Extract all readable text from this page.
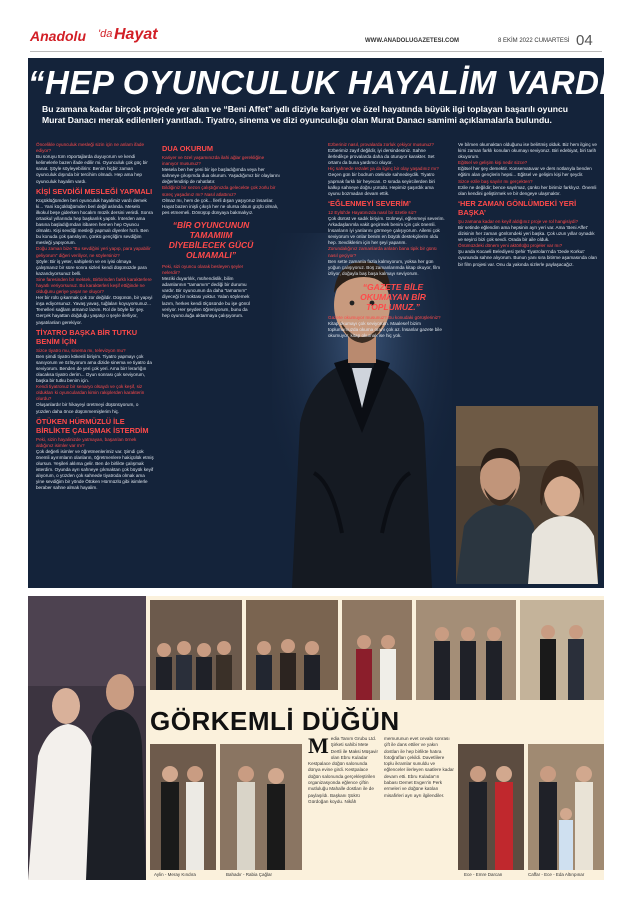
Anadolu 'da Hayat	WWW.ANADOLUGAZETESI.COM	8 EKİM 2022 CUMARTESİ 04
“HEP OYUNCULUK HAYALİM VARDI”
Bu zamana kadar birçok projede yer alan ve “Beni Affet” adlı diziyle kariyer ve özel hayatında büyük ilgi toplayan başarılı oyuncu Murat Danacı merak edilenleri yanıtladı. Tiyatro, sinema ve dizi oyunculuğu olan Murat Danacı samimi açıklamalarla bulundu.
Öncelikle oyunculuk mesleği sizin için ne anlam ifade ediyor?
Bu soruyu tüm röportajlarda duyuyorum ve kendi kelimelerle bazen ifade edilir mi. Oyunculuk çok güç bir sanat. Şöyle söyleyebilirim: Benim hiçbir zaman oyunculuk dışında bir tercihim olmadı. Hep ama hep oyunculuk hayalim vardı.
KİŞİ SEVDİĞİ MESLEĞİ YAPMALI
Küçüklüğümden beri oyunculuk hayalimiz vardı demek ki... Yani küçüklüğümden beri değil aslında. Meselo ilkokul beşe giderken hocalım müzik dersini verirdi. Sonra ortaokul yıllarında hep başkanlık yaptık. İnterden ama basına başladığımdan itibaren hemen hep Oyuncu olmaktı. Kişi sevdiği mesleği yapmalı diyenler hızlı. Ben bu konuda çok şanslıyım, çünkü gençliğim sevdiğim mesleği yapıyorum.
Doğu zaman bize “Bu sevdiğini yeri yapıp, para yapabilir geliyorum” diğeri veriliyor, ne söylersiniz?
Şöyle: Bir iş yeter, sahiplerin ve en iyisi olmaya çalışmanız bir süre sonra sizleri kendi düşünüzde para kazandıyorsunuz belli.
Sine faresinden bir mektek, Birbirinden farklı karakterlere hayatlı veriyorsunuz. Bu karakterleri keşif ettiğinde ne olduğunu geriye yaşar ne oluyor?
Her bir rolü çıkarmak çok zor değildir. Düşünün, bir yapıyi inşa ediyorsunuz. Yavaş yavaş, tuğlaları koyuyorsunuz... Temelleri sağlam atmanız lazım. Rol de böyle bir şey. Gerçek hayattan doğduğu yaşatıp o şeyle ilerliyor, yaşatılanları gerekiyor.
TİYATRO BAŞKA BİR TUTKU BENİM İÇİN
Sizce tiyatro mu, sinema mı, televizyon mu?
Ben şimdi tiyatro kökenli biriyim. Tiyatro yapmayı çok sanıyorum ve özlüyorum ama dizide sinema ve tiyatro da seviyorum. Benden de yeri çok yeri. Ama birr lerarlığın olacaksa tiyatro derim... Oyun sonrası çok seviyorum, başka bir tutku benim için.
Kendi tiyatronuz bir senaryo olsaydı ve çok keşif, siz oldukları ki oyunculardan kimin rakiplerden karakterin olurdu?
Oluşanlardır bir hikayeyi üretmeyi düşünüyorum, o yüzden daha önce düşünmemişlerim hiç.
ÖTÜKEN HÜRMÜZLÜ İLE BİRLİKTE ÇALIŞMAK İSTERDİM
Peki, sizin hayalinizde yatmayan, başarılan örnek aldığınız isimler var mı?
Çok değerli isimler ve öğretmenlerimiz var. Şimdi çok önemli ayırımların olanların, öğretmenlere hakiçülük etmiş olursun. Yeşileri aklıma gelir. Ben de birlikte çalışmak isterdim. Oyunda ayrı sahneye çıkmaktan çok büyük keyif alıyorum, o yüzden çok sahnede tiyatroda olmak ama yine sevdiğim bir yönde Ötüken Hürmüzlü gibi isimlerle beraber sahne almak hayalim.
DUA OKURUM
Kariyer ve özel yaşamınızda ilahi ağlar gerekliğine inanıyor musunuz?
Mesela ben her yeni bir işe başladığımda veya her sahneye çıkışımda dua okurum. Yaşadığımız bir olaylarını değerlendirip de rahatlatır.
Bildiğiniz bir sezon çalıştığınızda gelecekte çok zorlu bir süreç yaşadınız mı? Nasıl atlattınız?
Olmaz mı, hem de çok... İlerli dışarı yaşıyoruz insanlar. Hayat bazen inişli çıkışlı her ne olursa olsun güçlü olmalı, pes etmemeli. Dönüşüp dünyaya bakmalıyız.
“BİR OYUNCUNUN TAMAMIIM DİYEBİLECEK GÜCÜ OLMAMALI”
Peki, sizi oyuncu olarak besleyen şeyler nelerdir?
Meziki duyarlılık, mühendislik, bilim adamlarının “tamamım” dediği bir durumu vardır. Bir oyuncunun da daha “tamamım” diyeceği bir noktası yoktur. Yalan söylemek lazım, herkes kendi ölçüsünde bu işe gönül veriyor. Her şeyden öğreniyorum, bunu da hep oyunculuğa aktarmaya çalışıyorum.
Ezberiniz nasıl, provalarda zorluk çekiyor musunuz?
Ezberimiz zayıf değildir, iyi dersindesiniz. Sahne ilerledikçe provalarda daha da oturuyor karakter. Set ortamı da buna yardımcı oluyor.
Hiç sahnede rezalet ya da ilginç bir olay yaşadınız mı?
Geçen gün bir bodrum otelinde sahnedeydik. Tiyatro yapmak farklı bir heyecan. O sırada seyircilerden biri kalkıp sahneye doğru yürüdü. Hepimiz şaşırdık ama oyunu bozmadan devam ettik.
‘EĞLENMEYİ SEVERİM’
12 Eylül'de Hayatınızda nasıl bir özetle siz?
Çok dürüst ve sadık biriyim. Gülmeyi, eğlenmeyi severim. Arkadaşlarımla vakit geçirmek benim için çok önemli. İnsanların iyi yanlarını görmeye çalışıyorum. Ailemi çok seviyorum ve onlar benim en büyük destekçilerim oldu hep. Sevdiklerim için her şeyi yaparım.
Zorundalığınız zamanlarda anlatın bana tipik bir günü nasıl geçiyor?
Ben sette zamanla fazla kalmıyorum, yoksa her gün yoğun çalışıyoruz. Boş zamanlarımda kitap okuyor, film izliyor, doğayla baş başa kalmayı seviyorum.
“GAZETE BİLE OKUMAYAN BİR TOPLUMUZ.”
Gazete okumuyor musunuz? Bu konudaki görüşleriniz?
Kitap okumayı çok seviyorum. Maalesef bizim toplumumuzda okuma oranı çok az. İnsanlar gazete bile okumuyor, kitap okumak ise hiç yok.
Ve bilmen okumaktan olduğunu ise belirtmiş olduk. Biz hem ilginç ve kimi zaman farklı konuları okumayı seviyoruz. Biri edebiyat, biri tarih okuyorum.
Eğitsel ve gelişim kişi nedir sizce?
Eğitsel her şey demektir. Konservatuvar ve ders notlarıyla benden eğitim alan gençlerin hepsi... Eğitsel ve gelişim kişi her şeydir.
Sizce ezile baş sayılır mı gerçekten?
Ezile ne değildir; bence sayılmaz, çünkü her birimiz farklıyız. Önemli olan kendini geliştirmek ve bir dengeye ulaşmaktır.
‘HER ZAMAN GÖNLÜMDEKİ YERİ BAŞKA’
Şu zamana kadar en keyif aldığınız proje ve rol hangisiydi?
Bir setinde eğlendim ama hepsinin ayrı yeri var. Ama ‘Beni Affet’ dizisinin her zaman gönlümdeki yeri başka. Çok uzun yıllar oynadık ve seyirci bizi çok sevdi. Orada bir aile olduk.
Önümüzdeki dönem yeni aktörlüğü projeler var mı?
Şu anda Kocaeli Belediyesi Şehir Tiyatroları’nda ‘Dede Korkut’ oyununda sahne alıyorum. Bunun yanı sıra bitirme aşamasında olan bir film projesi var. Onu da yakında sizlerle paylaşacağız.
GÖRKEMLİ DÜĞÜN
Media Tanım Grubu Ltd. Şirketi sahibi Mete Dertli ile Maksi Müşavir olan Ebru Kuladar Kestpalace düğün salonunda dünya evine girdi. Kestpalace düğün salonunda gerçekleştirilen organizasyonda eğlence çiftin mutluluğu Mahalle dostları ile de paylaşıldı. Başkanı Şükrü Gürdoğan koydu. Nikâh memurunun evet cevabı sonrası çift ile dans ettiler ve yakın dostları ile hep birlikte hatıra fotoğrafları çekildi. Davetlilere toplu ikramlar sunuldu ve eğlenceler ilerleyen saatlere kadar devam etti. Ebru Kuladar'ın babası Demet Evgen'in Perk ermeleri ve düğüne katılan misafirleri ayrı ayrı ilgilendiler.
Aylin - Meray Kındıra	Bahadır - Rabia Çağlar	Ece - Emre Darcan	Caffar - Ece - Eda Altınpınar
